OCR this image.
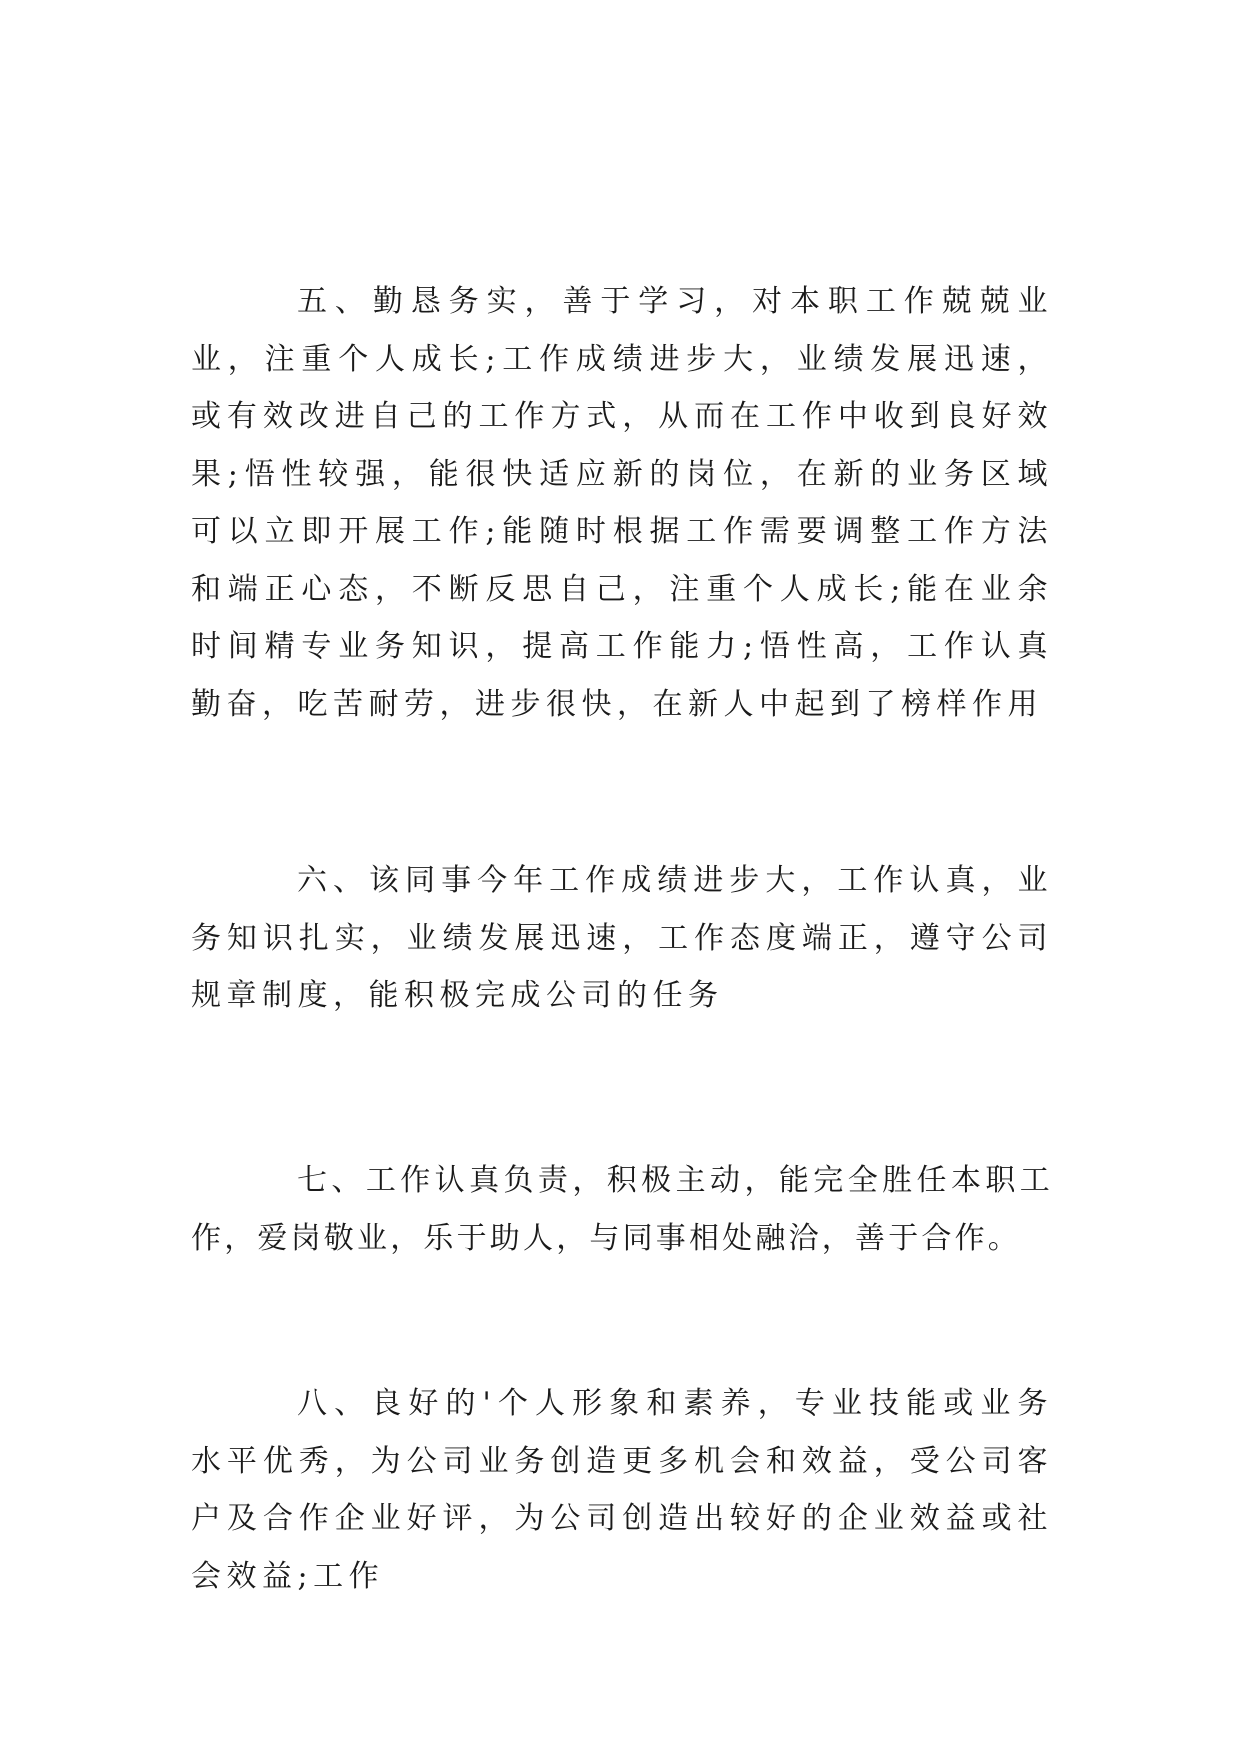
五、勤恳务实，善于学习，对本职工作兢兢业业，注重个人成长;工作成绩进步大，业绩发展迅速，或有效改进自己的工作方式，从而在工作中收到良好效果;悟性较强，能很快适应新的岗位，在新的业务区域可以立即开展工作;能随时根据工作需要调整工作方法和端正心态，不断反思自己，注重个人成长;能在业余时间精专业务知识，提高工作能力;悟性高，工作认真勤奋，吃苦耐劳，进步很快，在新人中起到了榜样作用

六、该同事今年工作成绩进步大，工作认真，业务知识扎实，业绩发展迅速，工作态度端正，遵守公司规章制度，能积极完成公司的任务

七、工作认真负责，积极主动，能完全胜任本职工作，爱岗敬业，乐于助人，与同事相处融洽，善于合作。

八、良好的'个人形象和素养，专业技能或业务水平优秀，为公司业务创造更多机会和效益，受公司客户及合作企业好评，为公司创造出较好的企业效益或社会效益;工作
